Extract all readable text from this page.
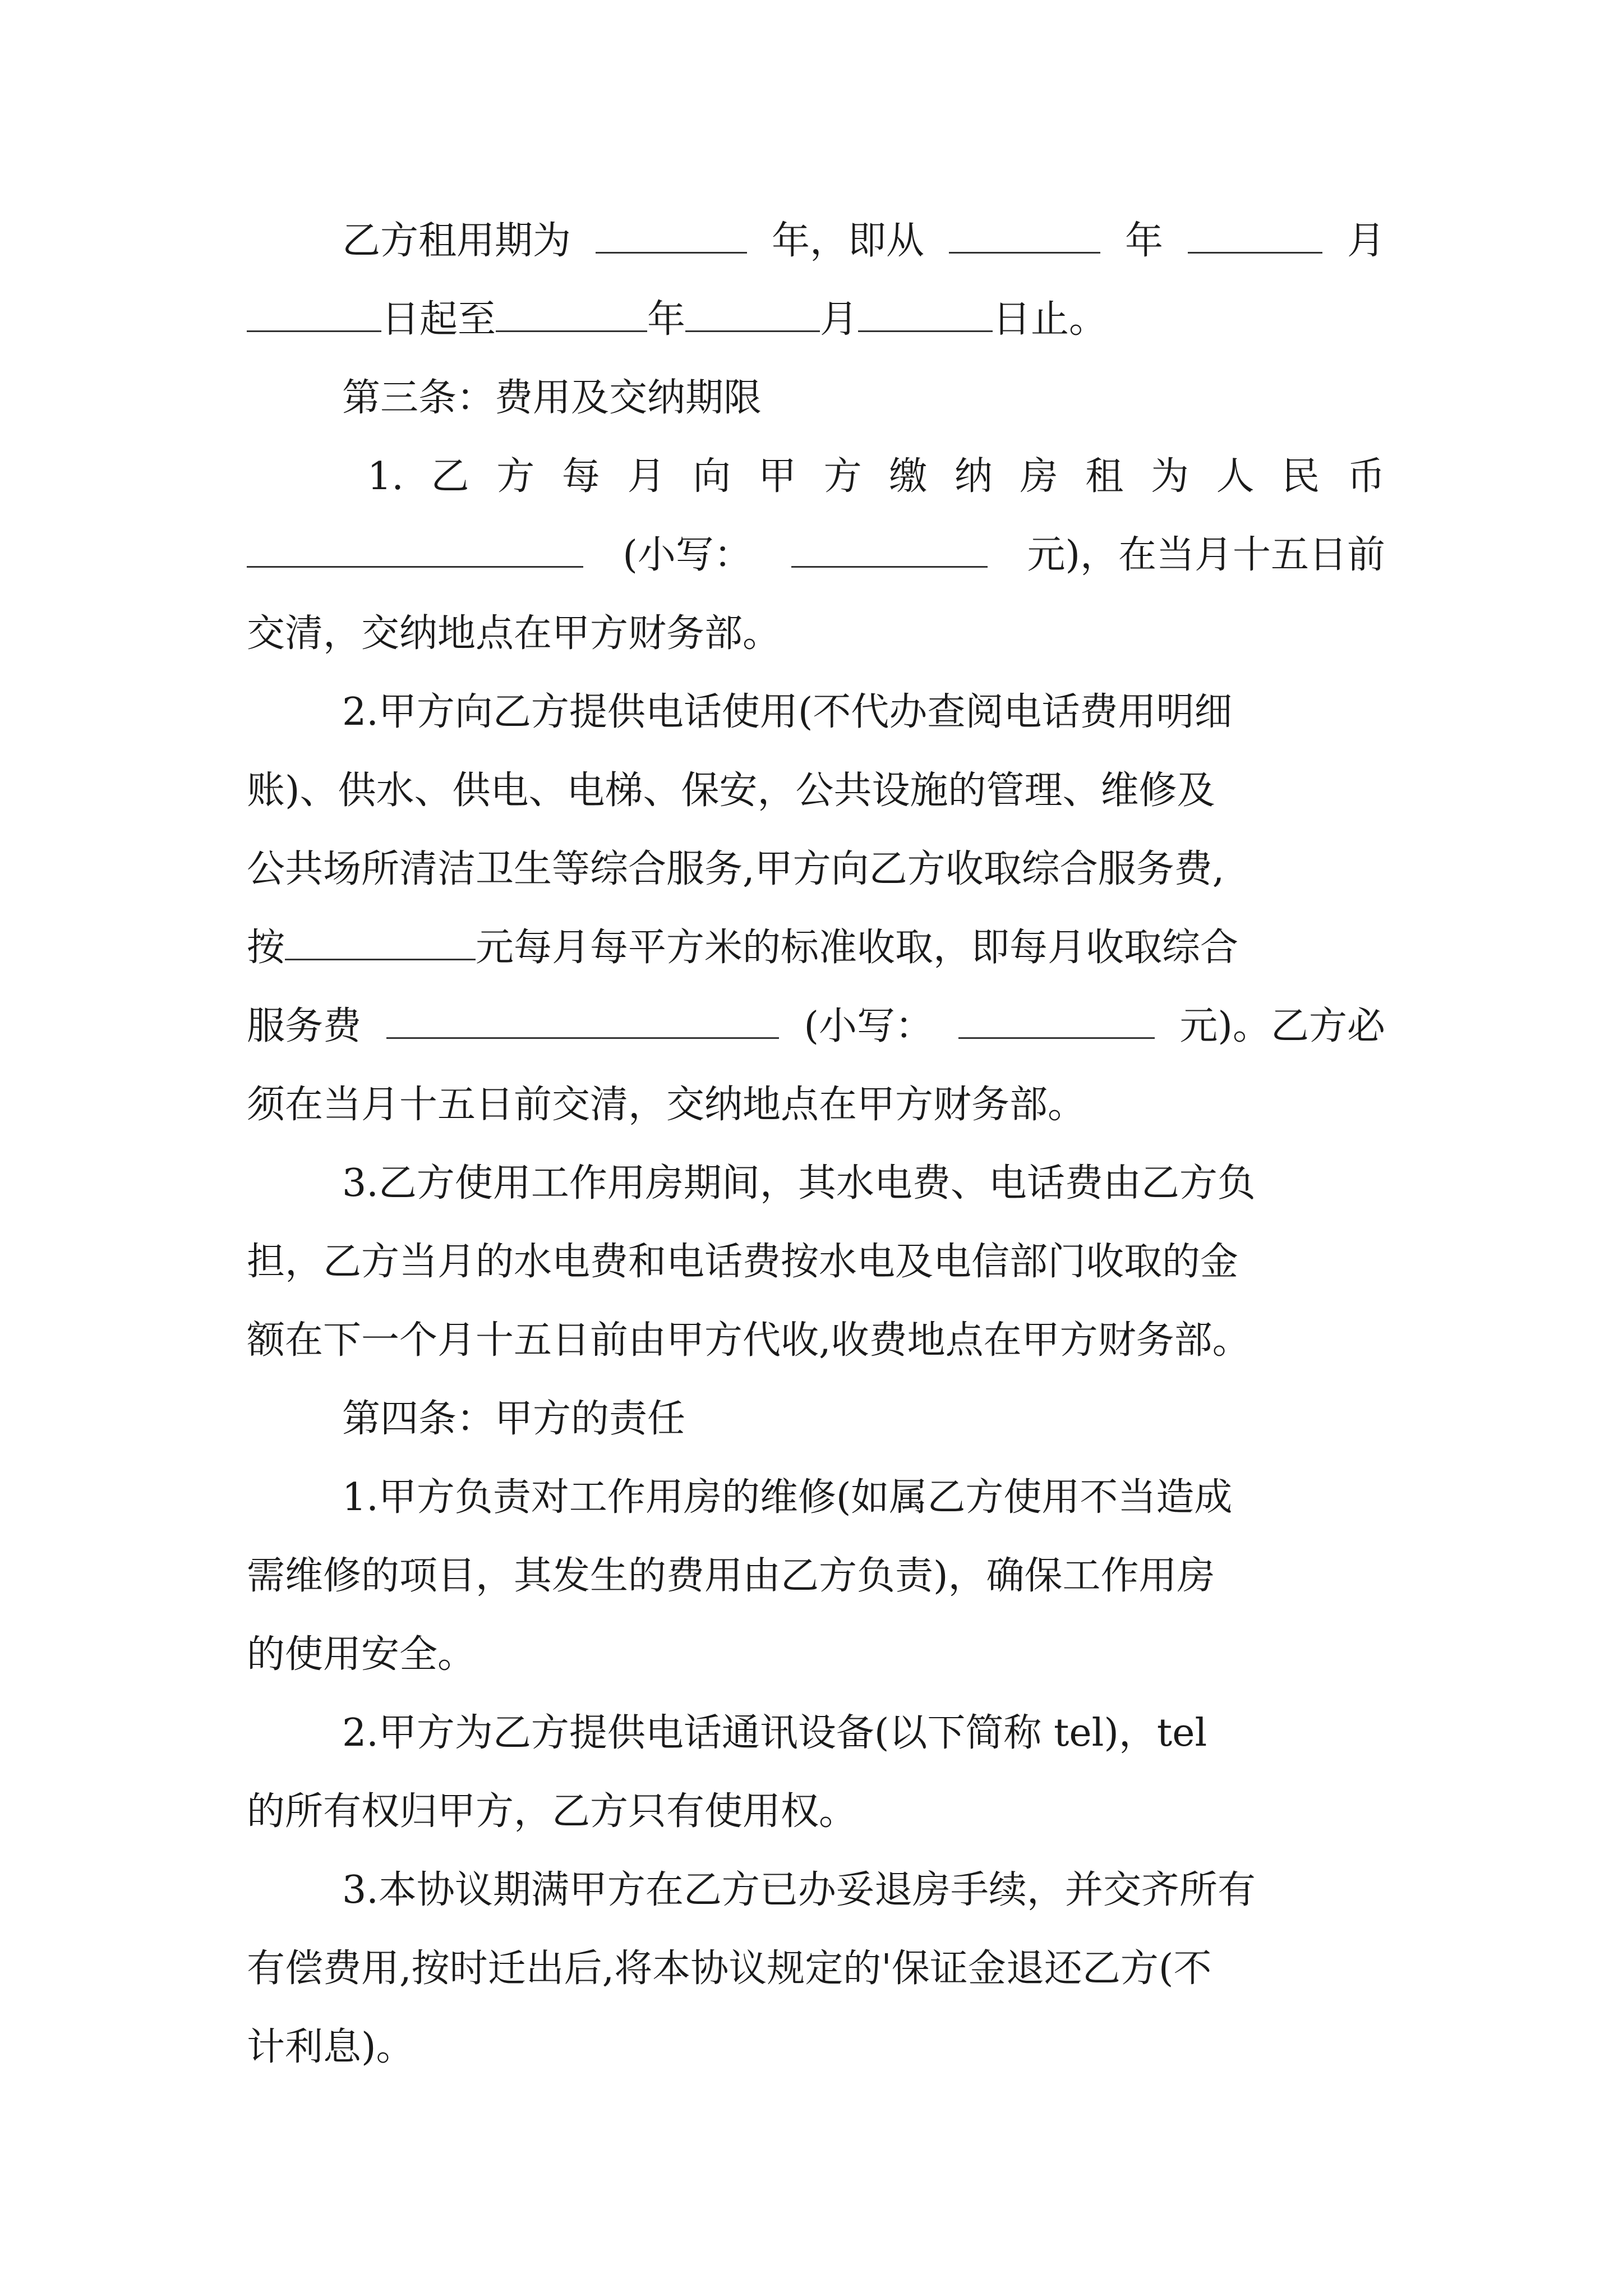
乙方租用期为	年，即从	年	月
日起至	年	月	日止。
第三条：费用及交纳期限
1. 乙 方 每 月 向 甲 方 缴 纳 房 租 为 人 民 币
(小写：	元)，在当月十五日前
交清，交纳地点在甲方财务部。
2.甲方向乙方提供电话使用(不代办查阅电话费用明细
账)、供水、供电、电梯、保安，公共设施的管理、维修及
公共场所清洁卫生等综合服务,甲方向乙方收取综合服务费,
按	元每月每平方米的标准收取，即每月收取综合
服务费	(小写：	元)。乙方必
须在当月十五日前交清，交纳地点在甲方财务部。
3.乙方使用工作用房期间，其水电费、电话费由乙方负
担，乙方当月的水电费和电话费按水电及电信部门收取的金
额在下一个月十五日前由甲方代收,收费地点在甲方财务部。
第四条：甲方的责任
1.甲方负责对工作用房的维修(如属乙方使用不当造成
需维修的项目，其发生的费用由乙方负责)，确保工作用房
的使用安全。
2.甲方为乙方提供电话通讯设备(以下简称 tel)，tel
的所有权归甲方，乙方只有使用权。
3.本协议期满甲方在乙方已办妥退房手续，并交齐所有
有偿费用,按时迁出后,将本协议规定的'保证金退还乙方(不
计利息)。
